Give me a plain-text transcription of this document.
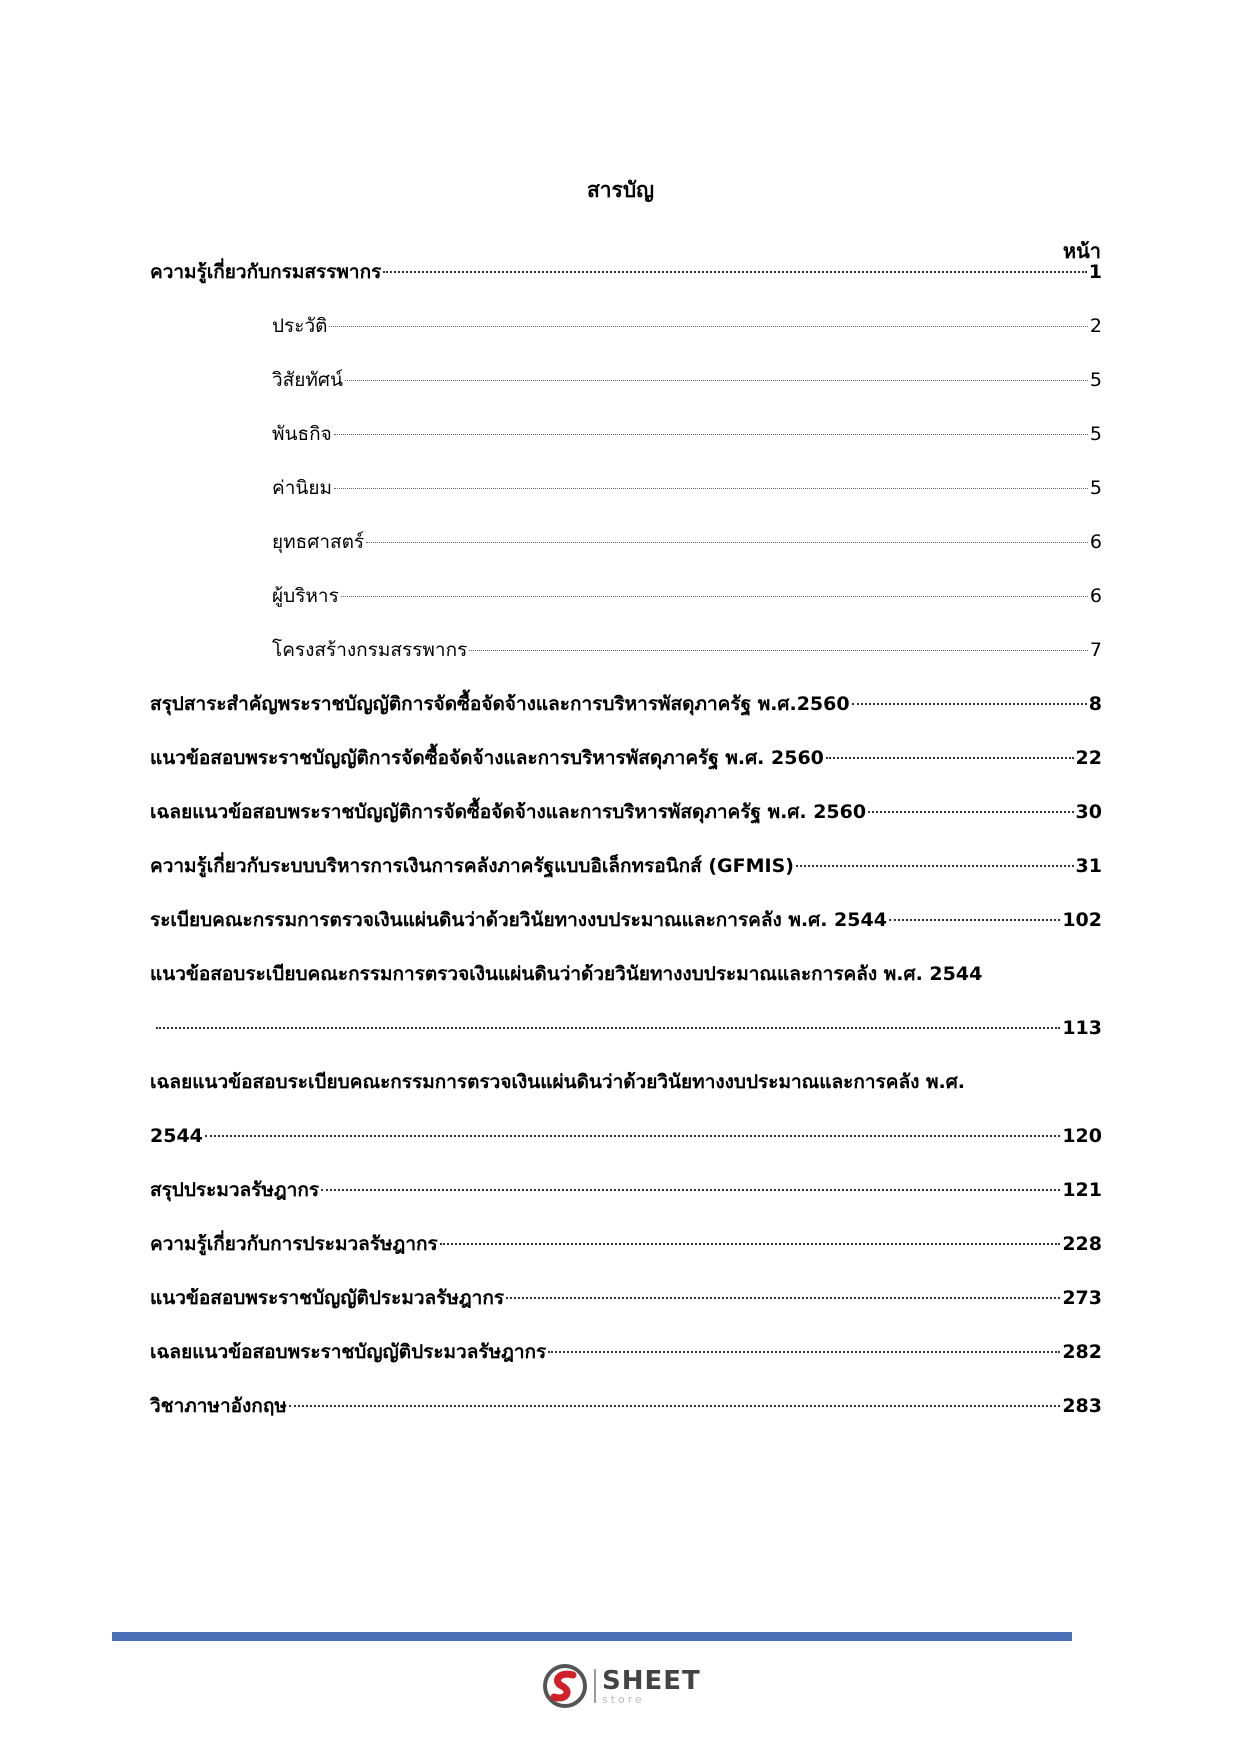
สารบัญ
หน้า
ความรู้เกี่ยวกับกรมสรรพากร	1
ประวัติ	2
วิสัยทัศน์	5
พันธกิจ	5
ค่านิยม	5
ยุทธศาสตร์	6
ผู้บริหาร	6
โครงสร้างกรมสรรพากร	7
สรุปสาระสำคัญพระราชบัญญัติการจัดซื้อจัดจ้างและการบริหารพัสดุภาครัฐ พ.ศ.2560	8
แนวข้อสอบพระราชบัญญัติการจัดซื้อจัดจ้างและการบริหารพัสดุภาครัฐ พ.ศ. 2560	22
เฉลยแนวข้อสอบพระราชบัญญัติการจัดซื้อจัดจ้างและการบริหารพัสดุภาครัฐ พ.ศ. 2560	30
ความรู้เกี่ยวกับระบบบริหารการเงินการคลังภาครัฐแบบอิเล็กทรอนิกส์ (GFMIS)	31
ระเบียบคณะกรรมการตรวจเงินแผ่นดินว่าด้วยวินัยทางงบประมาณและการคลัง พ.ศ. 2544	102
แนวข้อสอบระเบียบคณะกรรมการตรวจเงินแผ่นดินว่าด้วยวินัยทางงบประมาณและการคลัง พ.ศ. 2544
113
เฉลยแนวข้อสอบระเบียบคณะกรรมการตรวจเงินแผ่นดินว่าด้วยวินัยทางงบประมาณและการคลัง พ.ศ.
2544	120
สรุปประมวลรัษฎากร	121
ความรู้เกี่ยวกับการประมวลรัษฎากร	228
แนวข้อสอบพระราชบัญญัติประมวลรัษฎากร	273
เฉลยแนวข้อสอบพระราชบัญญัติประมวลรัษฎากร	282
วิชาภาษาอังกฤษ	283
SHEET
store
